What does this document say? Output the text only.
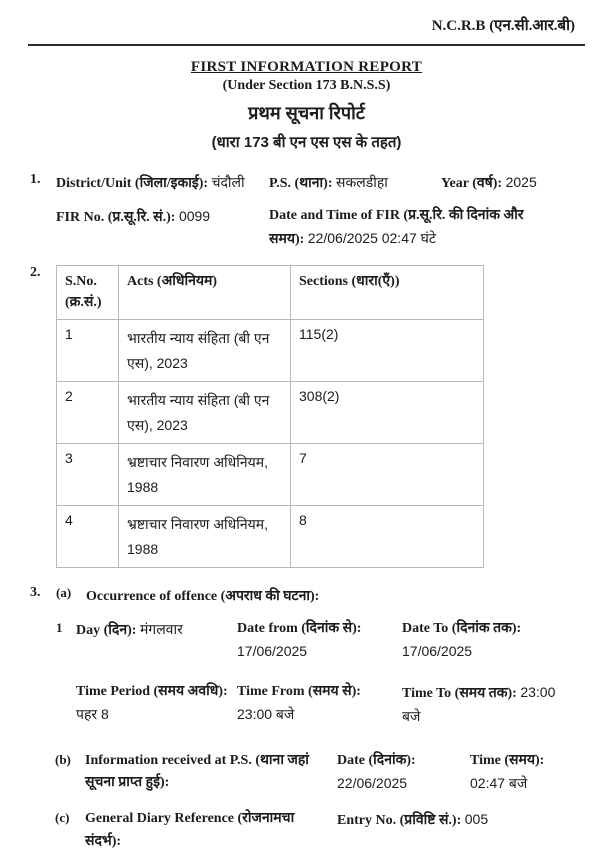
N.C.R.B (एन.सी.आर.बी)
FIRST INFORMATION REPORT
(Under Section 173 B.N.S.S)
प्रथम सूचना रिपोर्ट
(धारा 173 बी एन एस एस के तहत)
1.	District/Unit (जिला/इकाई): चंदौली	P.S. (थाना): सकलडीहा	Year (वर्ष): 2025
FIR No. (प्र.सू.रि. सं.): 0099	Date and Time of FIR (प्र.सू.रि. की दिनांक और समय): 22/06/2025 02:47 घंटे
2.
S.No. (क्र.सं.)	Acts (अधिनियम)	Sections (धारा(एँ))
1	भारतीय न्याय संहिता (बी एन एस), 2023	115(2)
2	भारतीय न्याय संहिता (बी एन एस), 2023	308(2)
3	भ्रष्टाचार निवारण अधिनियम, 1988	7
4	भ्रष्टाचार निवारण अधिनियम, 1988	8
3.	(a)	Occurrence of offence (अपराध की घटना):
1 Day (दिन): मंगलवार	Date from (दिनांक से): 17/06/2025
Date To (दिनांक तक): 17/06/2025
Time Period (समय अवधि): पहर 8
Time From (समय से): 23:00 बजे
Time To (समय तक): 23:00 बजे
(b)	Information received at P.S. (थाना जहां सूचना प्राप्त हुई):
Date (दिनांक):
22/06/2025
Time (समय):
02:47 बजे
(c)	General Diary Reference (रोजनामचा संदर्भ):
Entry No. (प्रविष्टि सं.): 005
